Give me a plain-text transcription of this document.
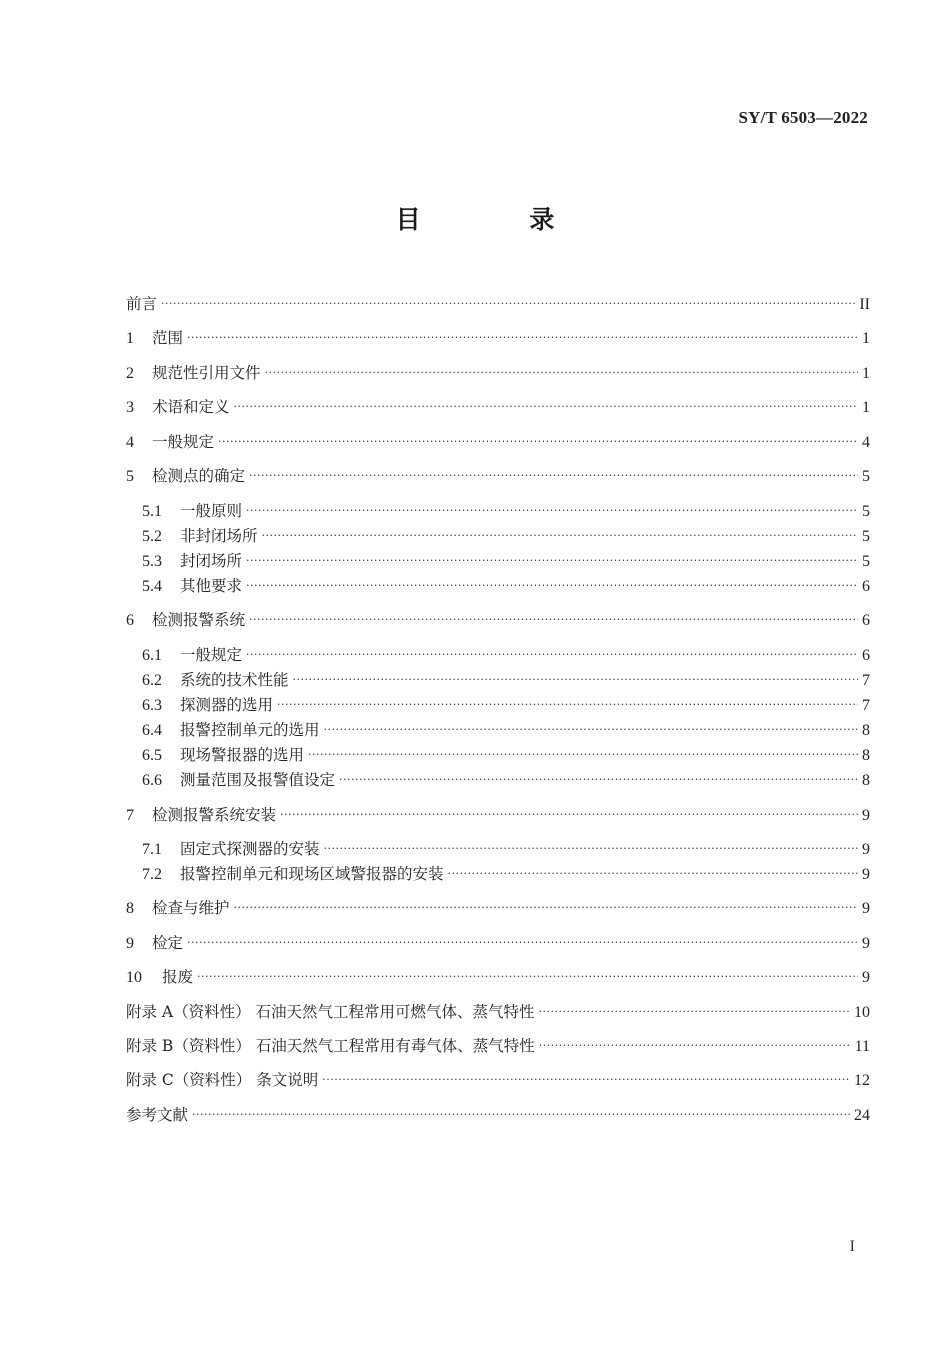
SY/T 6503—2022
目 录
前言 ·····	II
1	范围 ·····	1
2	规范性引用文件 ·····	1
3	术语和定义 ·····	1
4	一般规定 ·····	4
5	检测点的确定 ·····	5
5.1	一般原则 ·····	5
5.2	非封闭场所 ·····	5
5.3	封闭场所 ·····	5
5.4	其他要求 ·····	6
6	检测报警系统 ·····	6
6.1	一般规定 ·····	6
6.2	系统的技术性能 ·····	7
6.3	探测器的选用 ·····	7
6.4	报警控制单元的选用 ·····	8
6.5	现场警报器的选用 ·····	8
6.6	测量范围及报警值设定 ·····	8
7	检测报警系统安装 ·····	9
7.1	固定式探测器的安装 ·····	9
7.2	报警控制单元和现场区域警报器的安装 ·····	9
8	检查与维护 ·····	9
9	检定 ·····	9
10	报废 ·····	9
附录 A（资料性） 石油天然气工程常用可燃气体、蒸气特性 ·····	10
附录 B（资料性） 石油天然气工程常用有毒气体、蒸气特性 ·····	11
附录 C（资料性） 条文说明 ·····	12
参考文献 ·····	24
I
